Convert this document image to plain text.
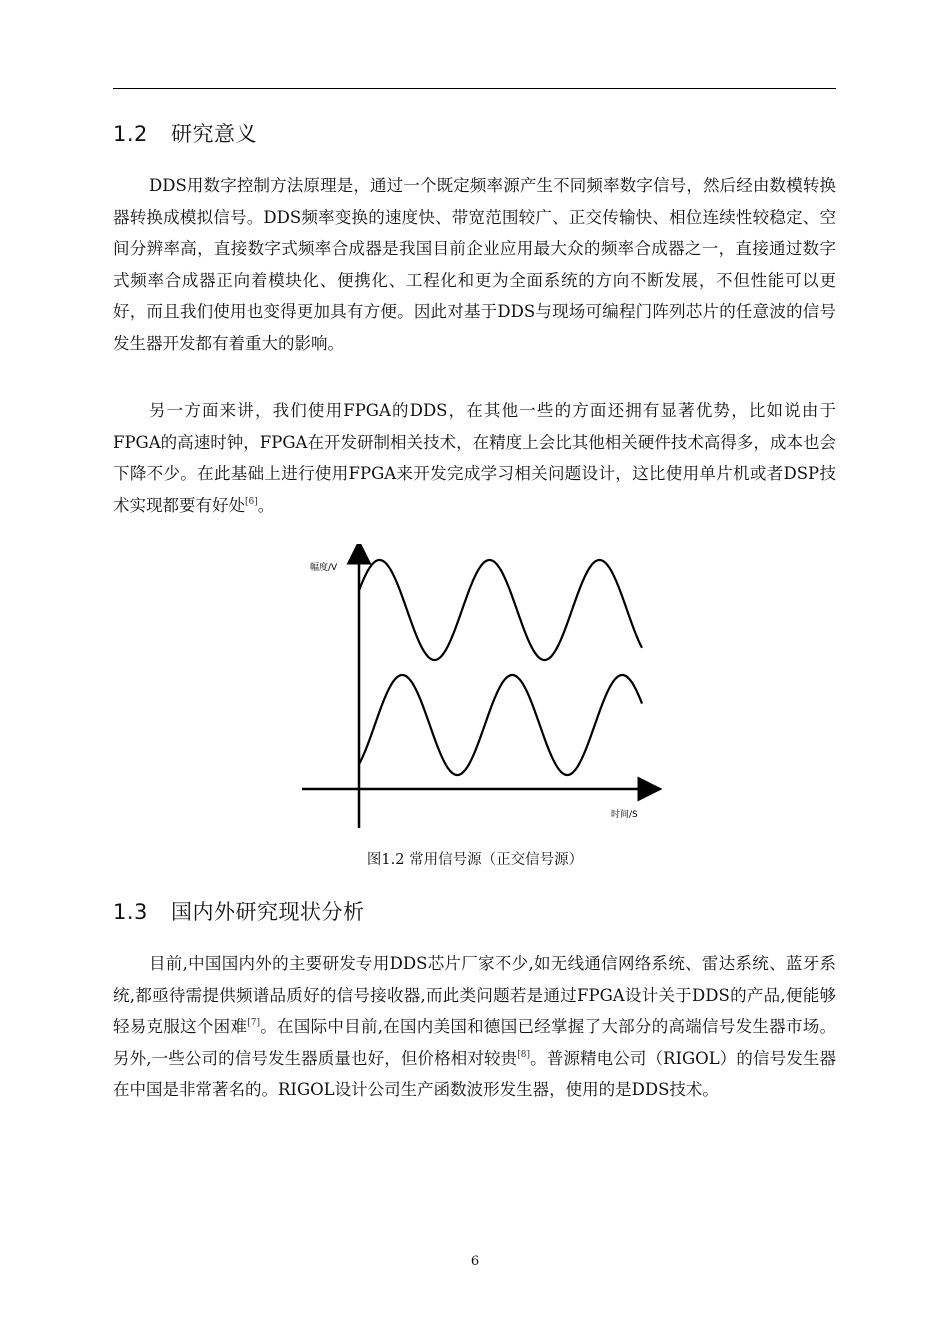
1.2 研究意义
DDS用数字控制方法原理是，通过一个既定频率源产生不同频率数字信号，然后经由数模转换器转换成模拟信号。DDS频率变换的速度快、带宽范围较广、正交传输快、相位连续性较稳定、空间分辨率高，直接数字式频率合成器是我国目前企业应用最大众的频率合成器之一，直接通过数字式频率合成器正向着模块化、便携化、工程化和更为全面系统的方向不断发展，不但性能可以更好，而且我们使用也变得更加具有方便。因此对基于DDS与现场可编程门阵列芯片的任意波的信号发生器开发都有着重大的影响。
另一方面来讲，我们使用FPGA的DDS，在其他一些的方面还拥有显著优势，比如说由于FPGA的高速时钟，FPGA在开发研制相关技术，在精度上会比其他相关硬件技术高得多，成本也会下降不少。在此基础上进行使用FPGA来开发完成学习相关问题设计，这比使用单片机或者DSP技术实现都要有好处[6]。
幅度/V
时间/S
图1.2 常用信号源（正交信号源）
1.3 国内外研究现状分析
目前,中国国内外的主要研发专用DDS芯片厂家不少,如无线通信网络系统、雷达系统、蓝牙系统,都亟待需提供频谱品质好的信号接收器,而此类问题若是通过FPGA设计关于DDS的产品,便能够轻易克服这个困难[7]。在国际中目前,在国内美国和德国已经掌握了大部分的高端信号发生器市场。另外,一些公司的信号发生器质量也好，但价格相对较贵[8]。普源精电公司（RIGOL）的信号发生器在中国是非常著名的。RIGOL设计公司生产函数波形发生器，使用的是DDS技术。
6
